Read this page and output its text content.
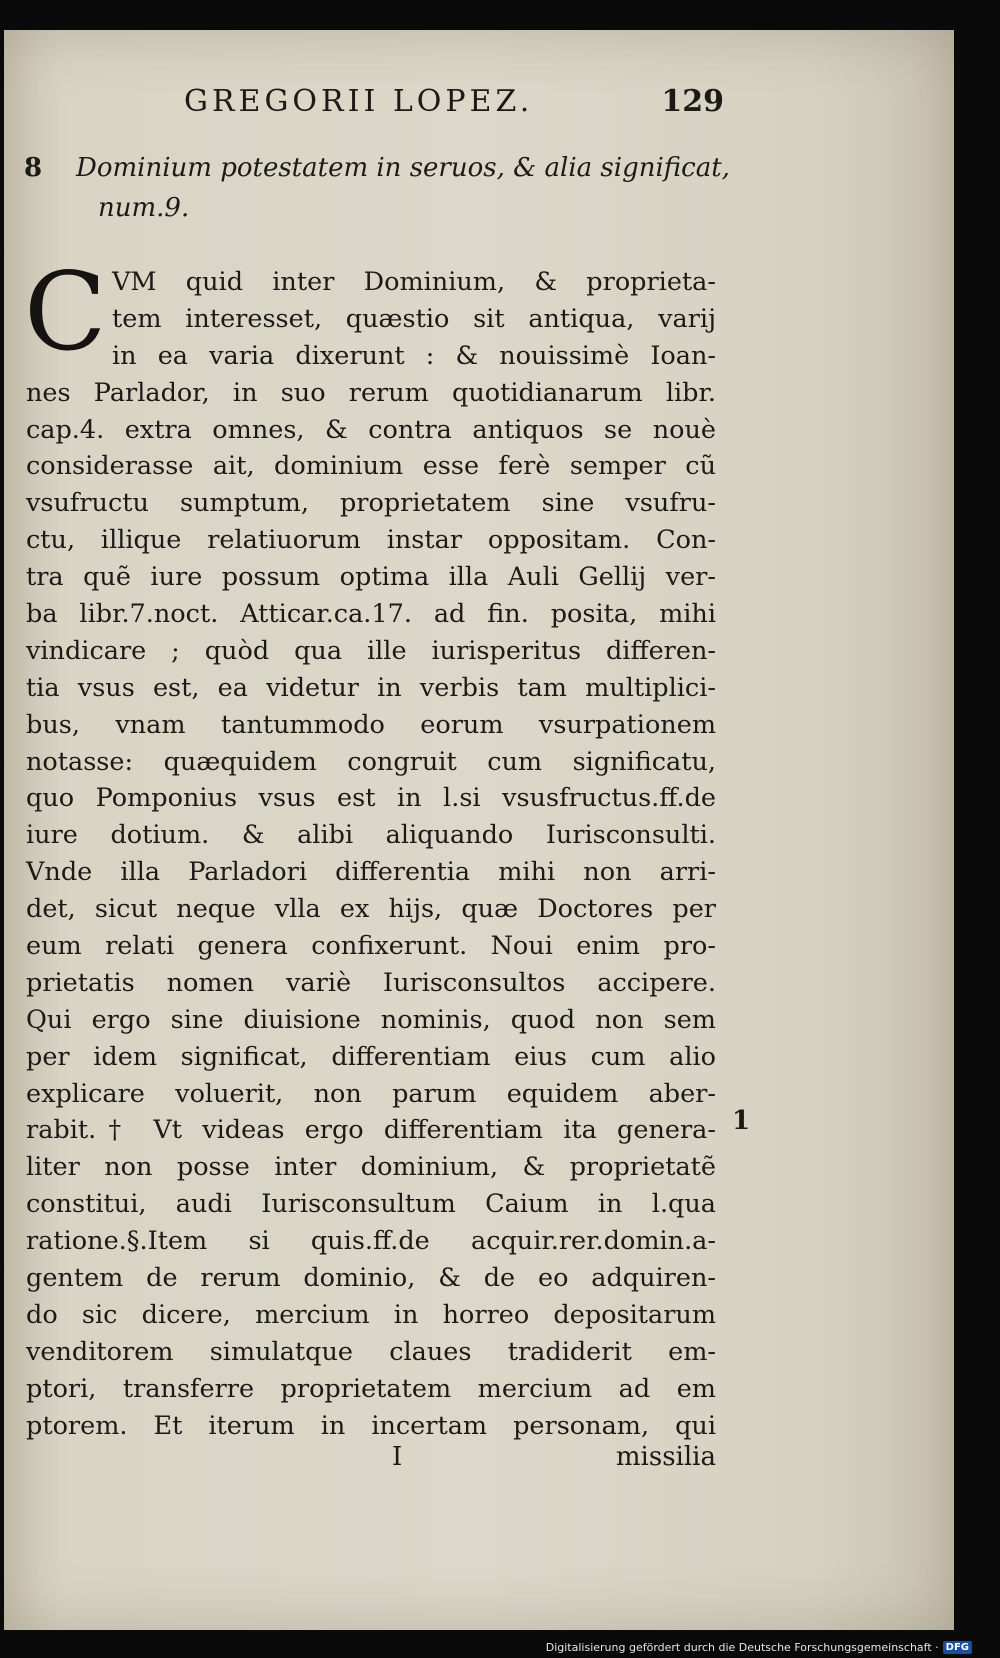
GREGORII LOPEZ.	129
8	Dominium potestatem in seruos, & alia significat,
num.9.
C VM quid inter Dominium, & proprieta-
tem interesset, quæstio sit antiqua, varij
in ea varia dixerunt : & nouissimè Ioan-
nes Parlador, in suo rerum quotidianarum libr.
cap.4. extra omnes, & contra antiquos se nouè
considerasse ait, dominium esse ferè semper cũ
vsufructu sumptum, proprietatem sine vsufru-
ctu, illique relatiuorum instar oppositam. Con-
tra quẽ iure possum optima illa Auli Gellij ver-
ba libr.7.noct. Atticar.ca.17. ad fin. posita, mihi
vindicare ; quòd qua ille iurisperitus differen-
tia vsus est, ea videtur in verbis tam multiplici-
bus, vnam tantummodo eorum vsurpationem
notasse: quæquidem congruit cum significatu,
quo Pomponius vsus est in l.si vsusfructus.ff.de
iure dotium. & alibi aliquando Iurisconsulti.
Vnde illa Parladori differentia mihi non arri-
det, sicut neque vlla ex hijs, quæ Doctores per
eum relati genera confixerunt. Noui enim pro-
prietatis nomen variè Iurisconsultos accipere.
Qui ergo sine diuisione nominis, quod non sem
per idem significat, differentiam eius cum alio
explicare voluerit, non parum equidem aber-
rabit.† Vt videas ergo differentiam ita genera-
liter non posse inter dominium, & proprietatẽ
constitui, audi Iurisconsultum Caium in l.qua
ratione.§.Item si quis.ff.de acquir.rer.domin.a-
gentem de rerum dominio, & de eo adquiren-
do sic dicere, mercium in horreo depositarum
venditorem simulatque claues tradiderit em-
ptori, transferre proprietatem mercium ad em
ptorem. Et iterum in incertam personam, qui
1
I	missilia
Digitalisierung gefördert durch die Deutsche Forschungsgemeinschaft · DFG
